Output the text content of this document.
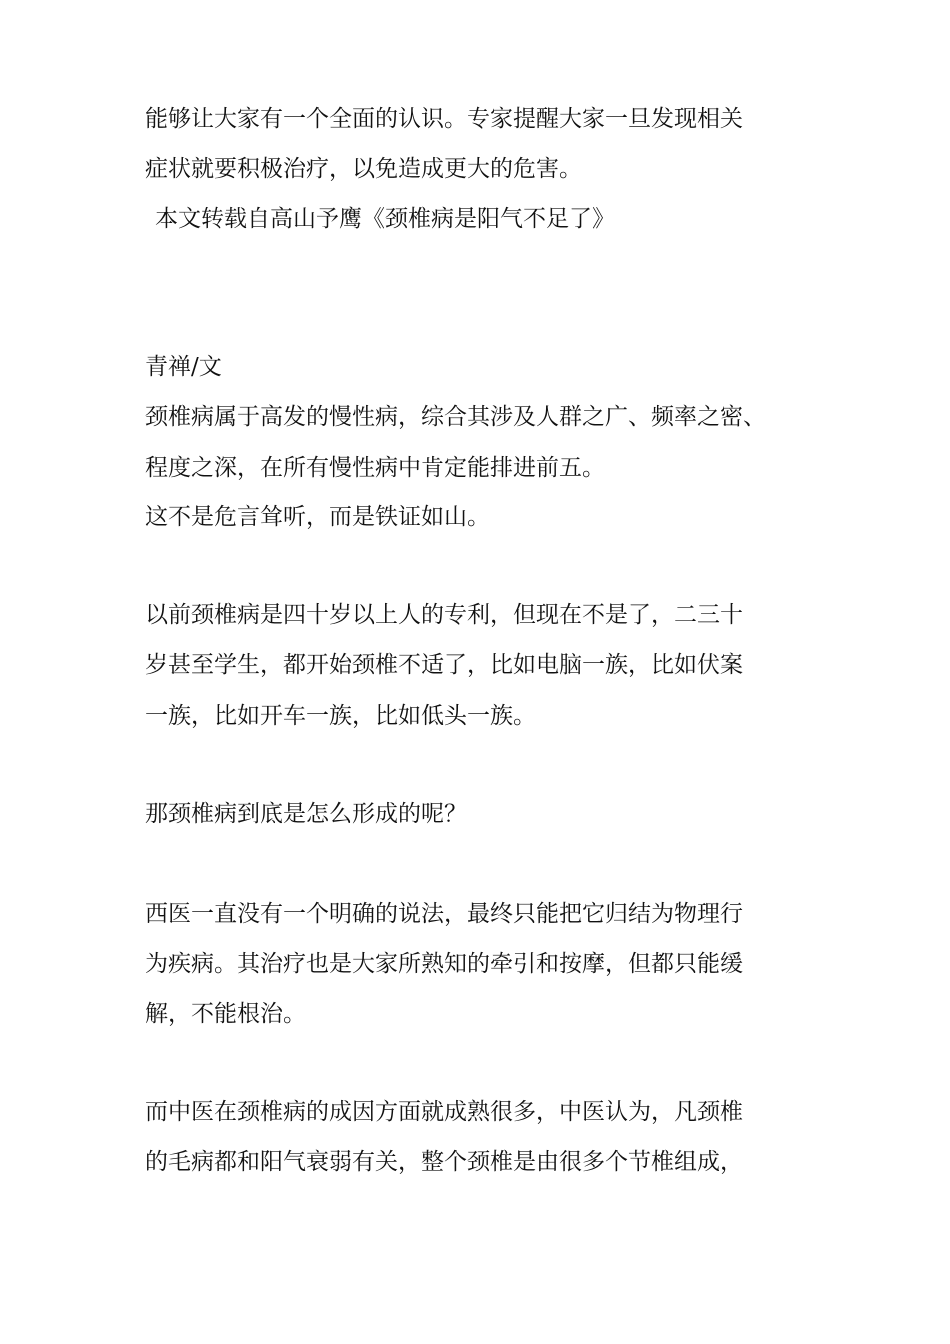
能够让大家有一个全面的认识。专家提醒大家一旦发现相关
症状就要积极治疗，以免造成更大的危害。
本文转载自高山予鹰《颈椎病是阳气不足了》
青禅/文
颈椎病属于高发的慢性病，综合其涉及人群之广、频率之密、
程度之深，在所有慢性病中肯定能排进前五。
这不是危言耸听，而是铁证如山。
以前颈椎病是四十岁以上人的专利，但现在不是了，二三十
岁甚至学生，都开始颈椎不适了，比如电脑一族，比如伏案
一族，比如开车一族，比如低头一族。
那颈椎病到底是怎么形成的呢？
西医一直没有一个明确的说法，最终只能把它归结为物理行
为疾病。其治疗也是大家所熟知的牵引和按摩，但都只能缓
解，不能根治。
而中医在颈椎病的成因方面就成熟很多，中医认为，凡颈椎
的毛病都和阳气衰弱有关，整个颈椎是由很多个节椎组成，
